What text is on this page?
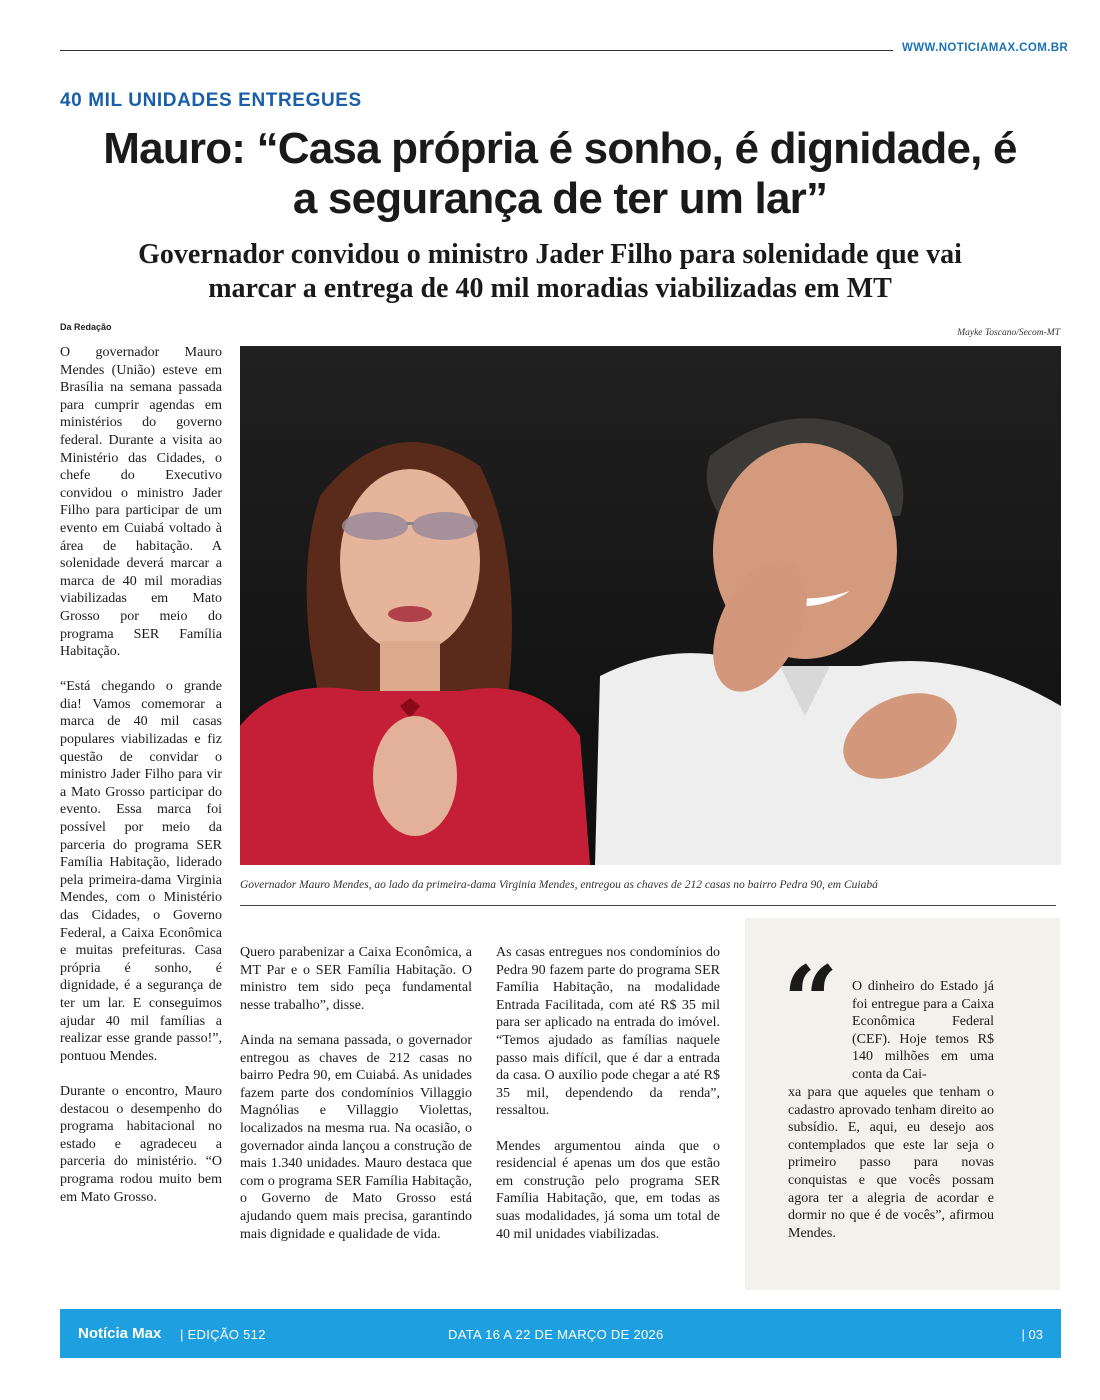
WWW.NOTICIAMAX.COM.BR
40 MIL UNIDADES ENTREGUES
Mauro: “Casa própria é sonho, é dignidade, é
a segurança de ter um lar”
Governador convidou o ministro Jader Filho para solenidade que vai
marcar a entrega de 40 mil moradias viabilizadas em MT
Da Redação
Mayke Toscano/Secom-MT
Governador Mauro Mendes, ao lado da primeira-dama Virginia Mendes, entregou as chaves de 212 casas no bairro Pedra 90, em Cuiabá

O governador Mauro Mendes (União) esteve em Brasília na semana passada para cumprir agendas em ministérios do governo federal. Durante a visita ao Ministério das Cidades, o chefe do Executivo convidou o ministro Jader Filho para participar de um evento em Cuiabá voltado à área de habitação. A solenidade deverá marcar a marca de 40 mil moradias viabilizadas em Mato Grosso por meio do programa SER Família Habitação.

“Está chegando o grande dia! Vamos comemorar a marca de 40 mil casas populares viabilizadas e fiz questão de convidar o ministro Jader Filho para vir a Mato Grosso participar do evento. Essa marca foi possível por meio da parceria do programa SER Família Habitação, liderado pela primeira-dama Virginia Mendes, com o Ministério das Cidades, o Governo Federal, a Caixa Econômica e muitas prefeituras. Casa própria é sonho, é dignidade, é a segurança de ter um lar. E conseguimos ajudar 40 mil famílias a realizar esse grande passo!”, pontuou Mendes.

Durante o encontro, Mauro destacou o desempenho do programa habitacional no estado e agradeceu a parceria do ministério. “O programa rodou muito bem em Mato Grosso.

Quero parabenizar a Caixa Econômica, a MT Par e o SER Família Habitação. O ministro tem sido peça fundamental nesse trabalho”, disse.

Ainda na semana passada, o governador entregou as chaves de 212 casas no bairro Pedra 90, em Cuiabá. As unidades fazem parte dos condomínios Villaggio Magnólias e Villaggio Violettas, localizados na mesma rua. Na ocasião, o governador ainda lançou a construção de mais 1.340 unidades. Mauro destaca que com o programa SER Família Habitação, o Governo de Mato Grosso está ajudando quem mais precisa, garantindo mais dignidade e qualidade de vida.

As casas entregues nos condomínios do Pedra 90 fazem parte do programa SER Família Habitação, na modalidade Entrada Facilitada, com até R$ 35 mil para ser aplicado na entrada do imóvel. “Temos ajudado as famílias naquele passo mais difícil, que é dar a entrada da casa. O auxílio pode chegar a até R$ 35 mil, dependendo da renda”, ressaltou.

Mendes argumentou ainda que o residencial é apenas um dos que estão em construção pelo programa SER Família Habitação, que, em todas as suas modalidades, já soma um total de 40 mil unidades viabilizadas.

“ O dinheiro do Estado já foi entregue para a Caixa Econômica Federal (CEF). Hoje temos R$ 140 milhões em uma conta da Cai-
xa para que aqueles que tenham o cadastro aprovado tenham direito ao subsídio. E, aqui, eu desejo aos contemplados que este lar seja o primeiro passo para novas conquistas e que vocês possam agora ter a alegria de acordar e dormir no que é de vocês”, afirmou Mendes.
Notícia Max | EDIÇÃO 512	DATA 16 A 22 DE MARÇO DE 2026	| 03
